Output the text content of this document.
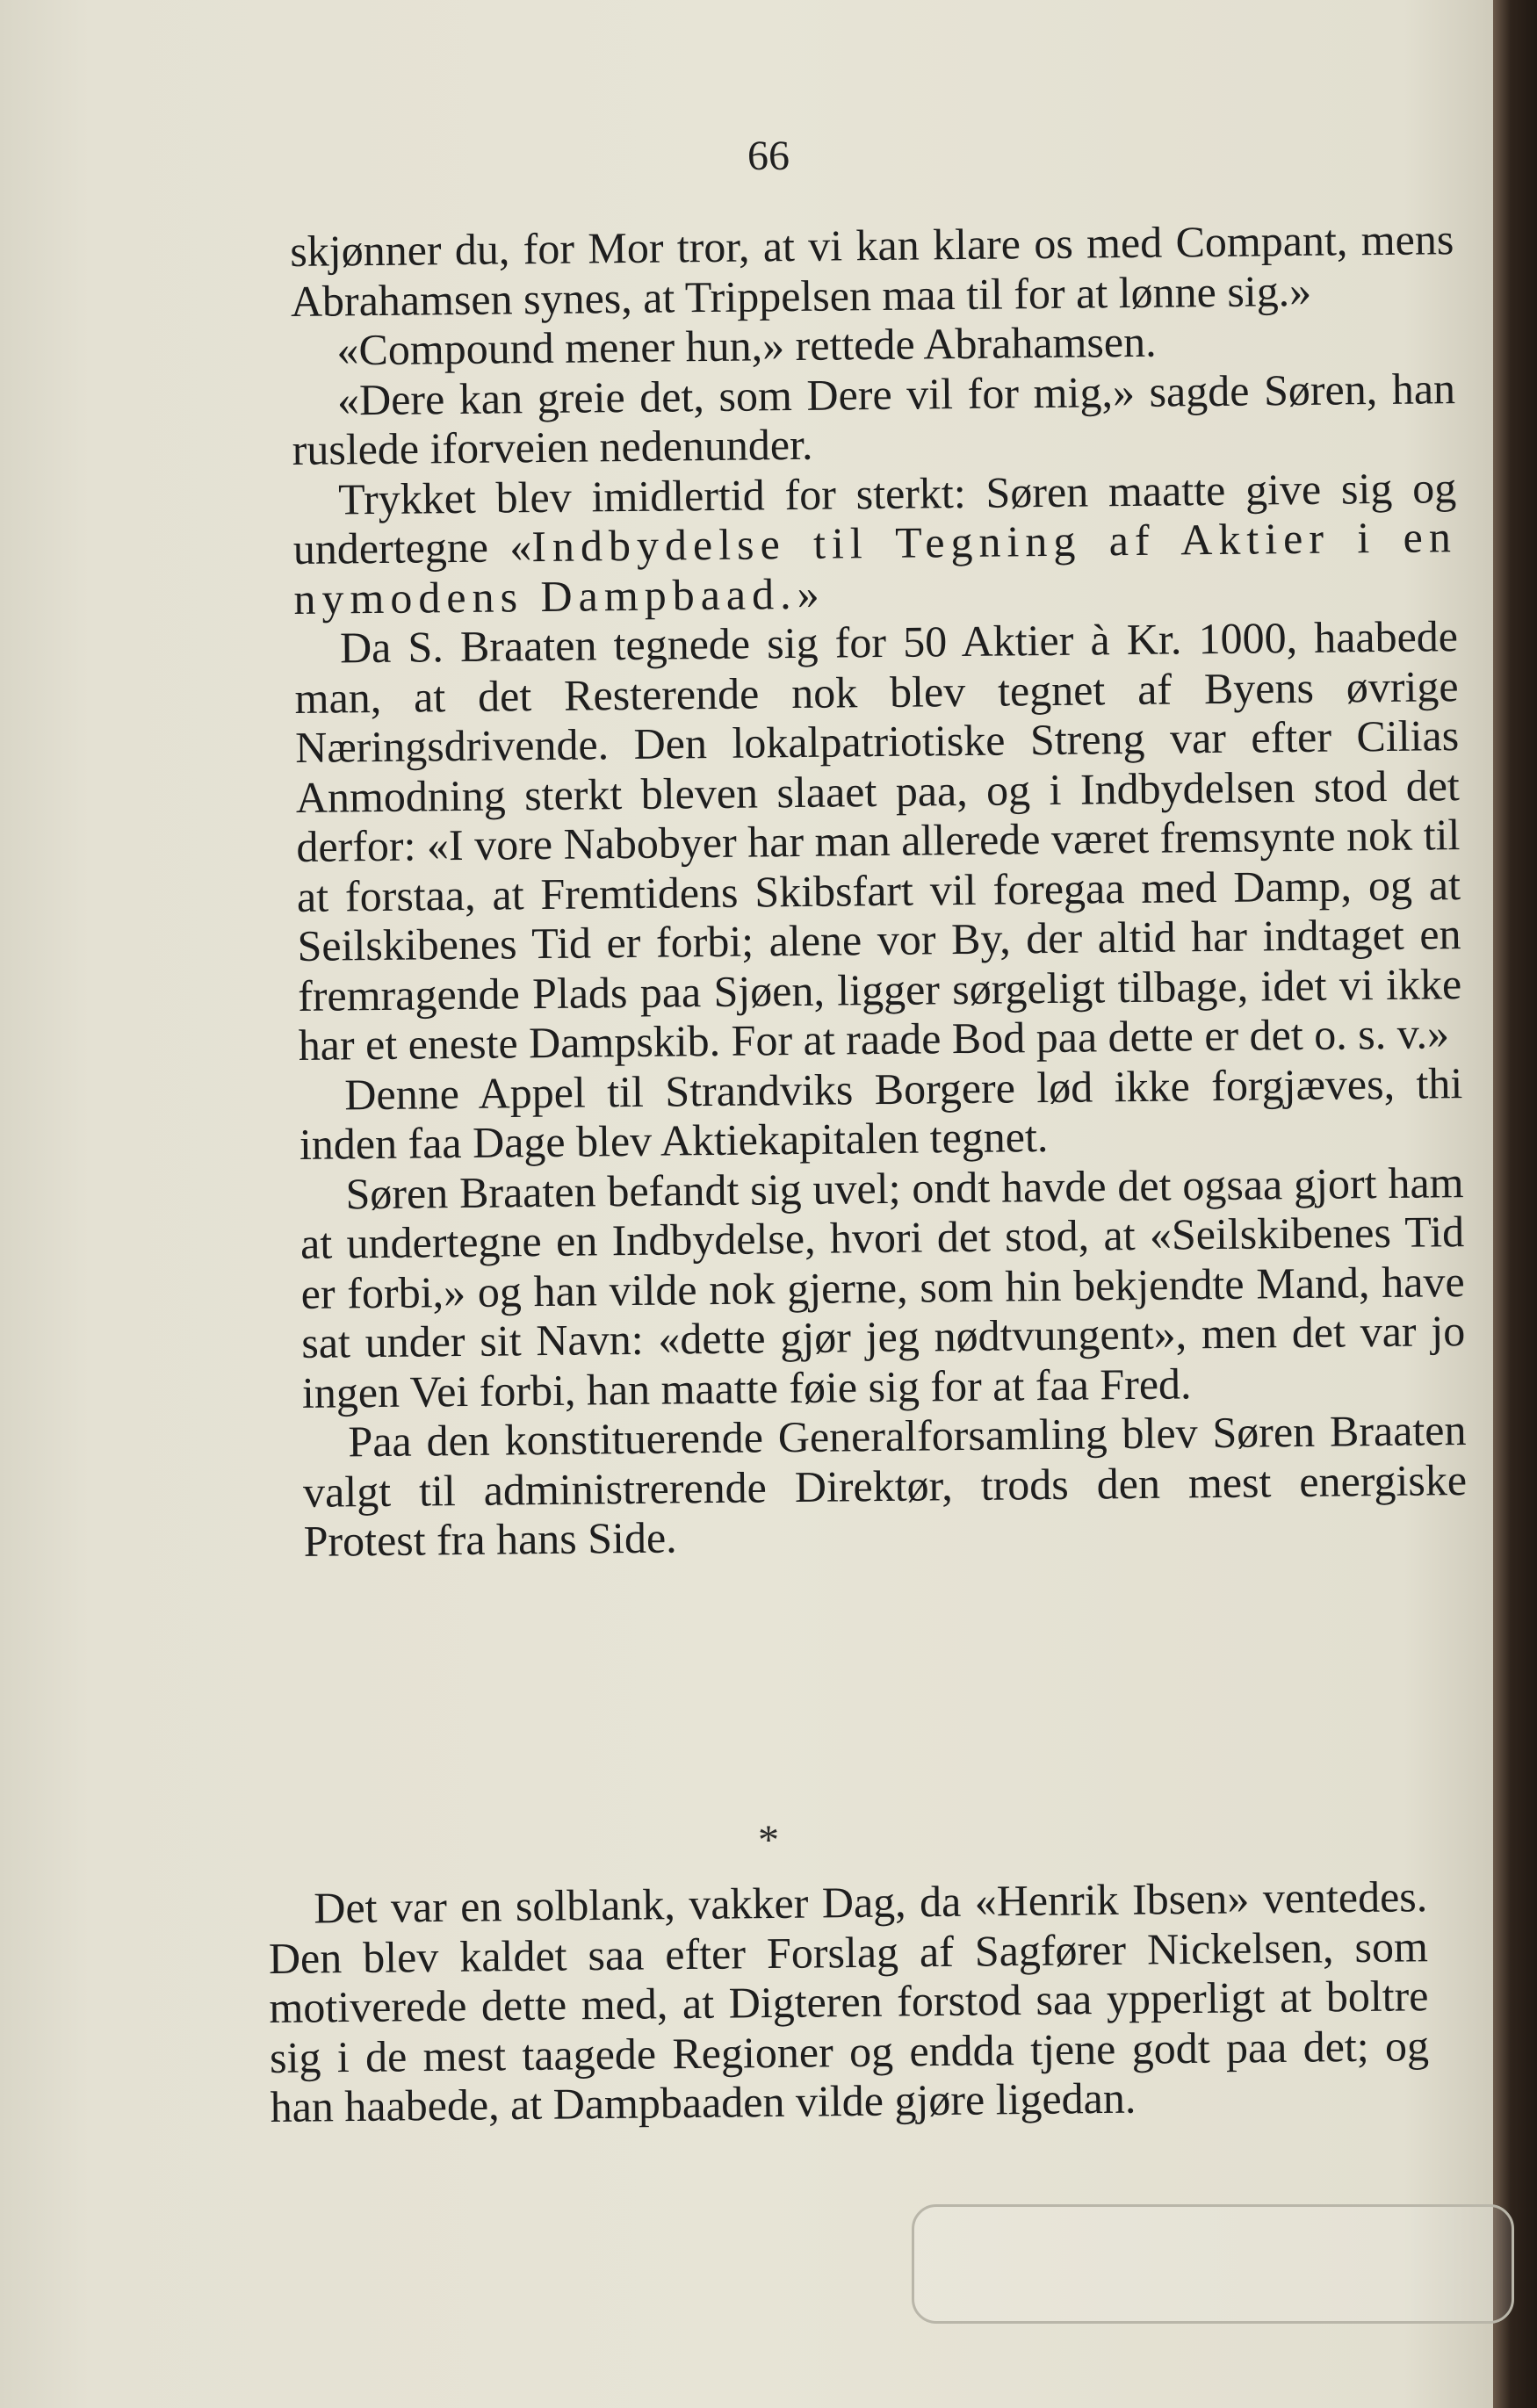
66

skjønner du, for Mor tror, at vi kan klare os med Compant, mens Abrahamsen synes, at Trippelsen maa til for at lønne sig.»

«Compound mener hun,» rettede Abrahamsen.

«Dere kan greie det, som Dere vil for mig,» sagde Søren, han ruslede iforveien nedenunder.

Trykket blev imidlertid for sterkt: Søren maatte give sig og undertegne «Indbydelse til Tegning af Aktier i en nymodens Dampbaad.»

Da S. Braaten tegnede sig for 50 Aktier à Kr. 1000, haabede man, at det Resterende nok blev tegnet af Byens øvrige Næringsdrivende. Den lokalpatriotiske Streng var efter Cilias Anmodning sterkt bleven slaaet paa, og i Indbydelsen stod det derfor: «I vore Nabobyer har man allerede været fremsynte nok til at forstaa, at Fremtidens Skibsfart vil foregaa med Damp, og at Seilskibenes Tid er forbi; alene vor By, der altid har indtaget en fremragende Plads paa Sjøen, ligger sørgeligt tilbage, idet vi ikke har et eneste Dampskib. For at raade Bod paa dette er det o. s. v.»

Denne Appel til Strandviks Borgere lød ikke forgjæves, thi inden faa Dage blev Aktiekapitalen tegnet.

Søren Braaten befandt sig uvel; ondt havde det ogsaa gjort ham at undertegne en Indbydelse, hvori det stod, at «Seilskibenes Tid er forbi,» og han vilde nok gjerne, som hin bekjendte Mand, have sat under sit Navn: «dette gjør jeg nødtvungent», men det var jo ingen Vei forbi, han maatte føie sig for at faa Fred.

Paa den konstituerende Generalforsamling blev Søren Braaten valgt til administrerende Direktør, trods den mest energiske Protest fra hans Side.

*

Det var en solblank, vakker Dag, da «Henrik Ibsen» ventedes. Den blev kaldet saa efter Forslag af Sagfører Nickelsen, som motiverede dette med, at Digteren forstod saa ypperligt at boltre sig i de mest taagede Regioner og endda tjene godt paa det; og han haabede, at Dampbaaden vilde gjøre ligedan.
